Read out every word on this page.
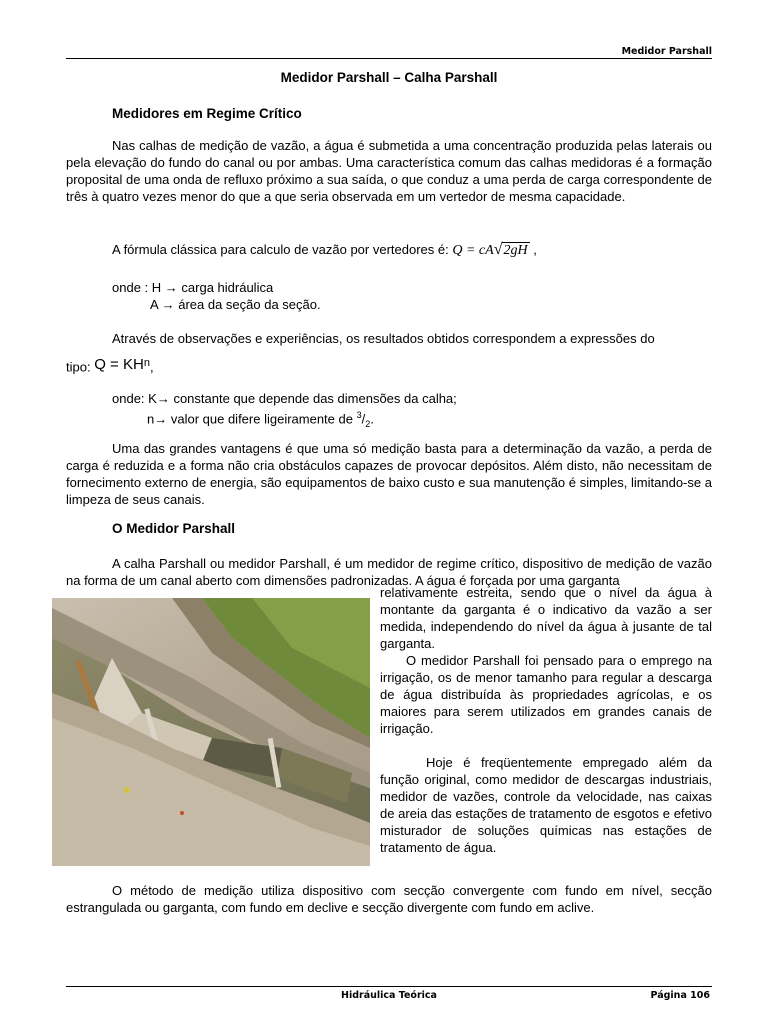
Medidor Parshall
Medidor Parshall – Calha Parshall
Medidores em Regime Crítico

Nas calhas de medição de vazão, a água é submetida a uma concentração produzida pelas laterais ou pela elevação do fundo do canal ou por ambas. Uma característica comum das calhas medidoras é a formação proposital de uma onda de refluxo próximo a sua saída, o que conduz a uma perda de carga correspondente de três à quatro vezes menor do que a que seria observada em um vertedor de mesma capacidade.

A fórmula clássica para calculo de vazão por vertedores é: Q = cA√2gH ,
onde : H → carga hidráulica
A → área da seção da seção.

Através de observações e experiências, os resultados obtidos correspondem a expressões do

tipo: $Q = KH^n$,
onde: K→ constante que depende das dimensões da calha;
n→ valor que difere ligeiramente de $^3/_2$.

Uma das grandes vantagens é que uma só medição basta para a determinação da vazão, a perda de carga é reduzida e a forma não cria obstáculos capazes de provocar depósitos. Além disto, não necessitam de fornecimento externo de energia, são equipamentos de baixo custo e sua manutenção é simples, limitando-se a limpeza de seus canais.

O Medidor Parshall

A calha Parshall ou medidor Parshall, é um medidor de regime crítico, dispositivo de medição de vazão na forma de um canal aberto com dimensões padronizadas. A água é forçada por uma garganta

relativamente estreita, sendo que o nível da água à montante da garganta é o indicativo da vazão a ser medida, independendo do nível da água à jusante de tal garganta.

O medidor Parshall foi pensado para o emprego na irrigação, os de menor tamanho para regular a descarga de água distribuída às propriedades agrícolas, e os maiores para serem utilizados em grandes canais de irrigação.

Hoje é freqüentemente empregado além da função original, como medidor de descargas industriais, medidor de vazões, controle da velocidade, nas caixas de areia das estações de tratamento de esgotos e efetivo misturador de soluções químicas nas estações de tratamento de água.

O método de medição utiliza dispositivo com secção convergente com fundo em nível, secção estrangulada ou garganta, com fundo em declive e secção divergente com fundo em aclive.

Hidráulica Teórica	Página 106
